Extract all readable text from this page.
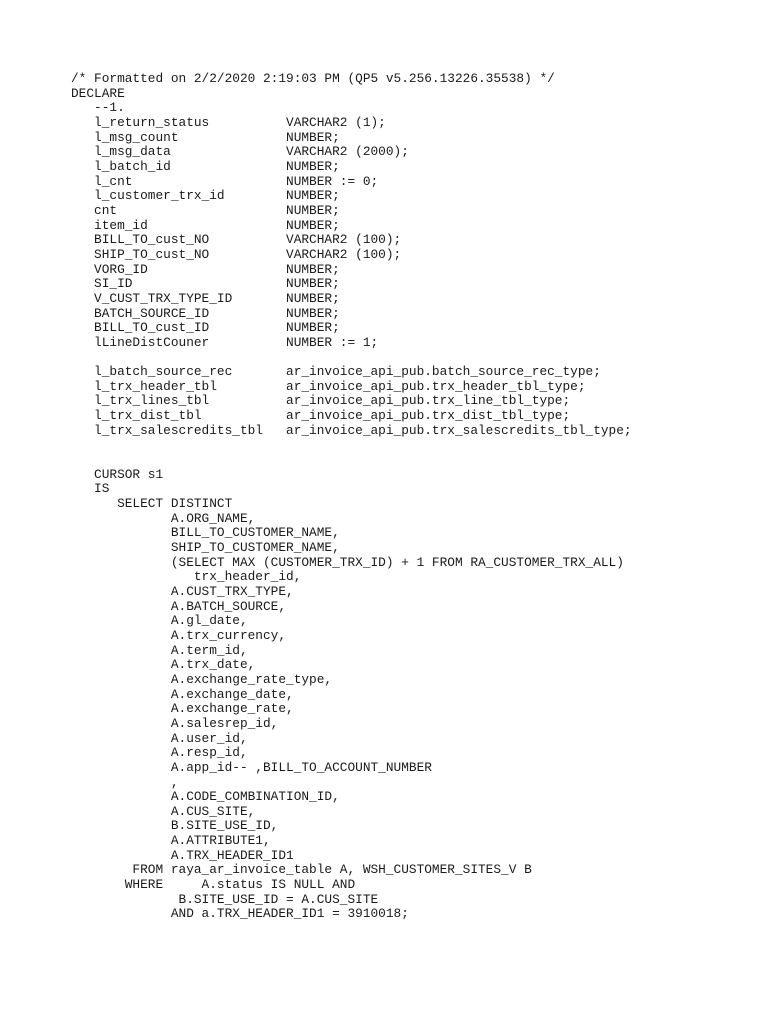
/* Formatted on 2/2/2020 2:19:03 PM (QP5 v5.256.13226.35538) */
DECLARE
--1.
l_return_status          VARCHAR2 (1);
l_msg_count              NUMBER;
l_msg_data               VARCHAR2 (2000);
l_batch_id               NUMBER;
l_cnt                    NUMBER := 0;
l_customer_trx_id        NUMBER;
cnt                      NUMBER;
item_id                  NUMBER;
BILL_TO_cust_NO          VARCHAR2 (100);
SHIP_TO_cust_NO          VARCHAR2 (100);
VORG_ID                  NUMBER;
SI_ID                    NUMBER;
V_CUST_TRX_TYPE_ID       NUMBER;
BATCH_SOURCE_ID          NUMBER;
BILL_TO_cust_ID          NUMBER;
lLineDistCouner          NUMBER := 1;

l_batch_source_rec       ar_invoice_api_pub.batch_source_rec_type;
l_trx_header_tbl         ar_invoice_api_pub.trx_header_tbl_type;
l_trx_lines_tbl          ar_invoice_api_pub.trx_line_tbl_type;
l_trx_dist_tbl           ar_invoice_api_pub.trx_dist_tbl_type;
l_trx_salescredits_tbl   ar_invoice_api_pub.trx_salescredits_tbl_type;

CURSOR s1
IS
SELECT DISTINCT
A.ORG_NAME,
BILL_TO_CUSTOMER_NAME,
SHIP_TO_CUSTOMER_NAME,
(SELECT MAX (CUSTOMER_TRX_ID) + 1 FROM RA_CUSTOMER_TRX_ALL)
trx_header_id,
A.CUST_TRX_TYPE,
A.BATCH_SOURCE,
A.gl_date,
A.trx_currency,
A.term_id,
A.trx_date,
A.exchange_rate_type,
A.exchange_date,
A.exchange_rate,
A.salesrep_id,
A.user_id,
A.resp_id,
A.app_id-- ,BILL_TO_ACCOUNT_NUMBER
,
A.CODE_COMBINATION_ID,
A.CUS_SITE,
B.SITE_USE_ID,
A.ATTRIBUTE1,
A.TRX_HEADER_ID1
FROM raya_ar_invoice_table A, WSH_CUSTOMER_SITES_V B
WHERE     A.status IS NULL AND
B.SITE_USE_ID = A.CUS_SITE
AND a.TRX_HEADER_ID1 = 3910018;
